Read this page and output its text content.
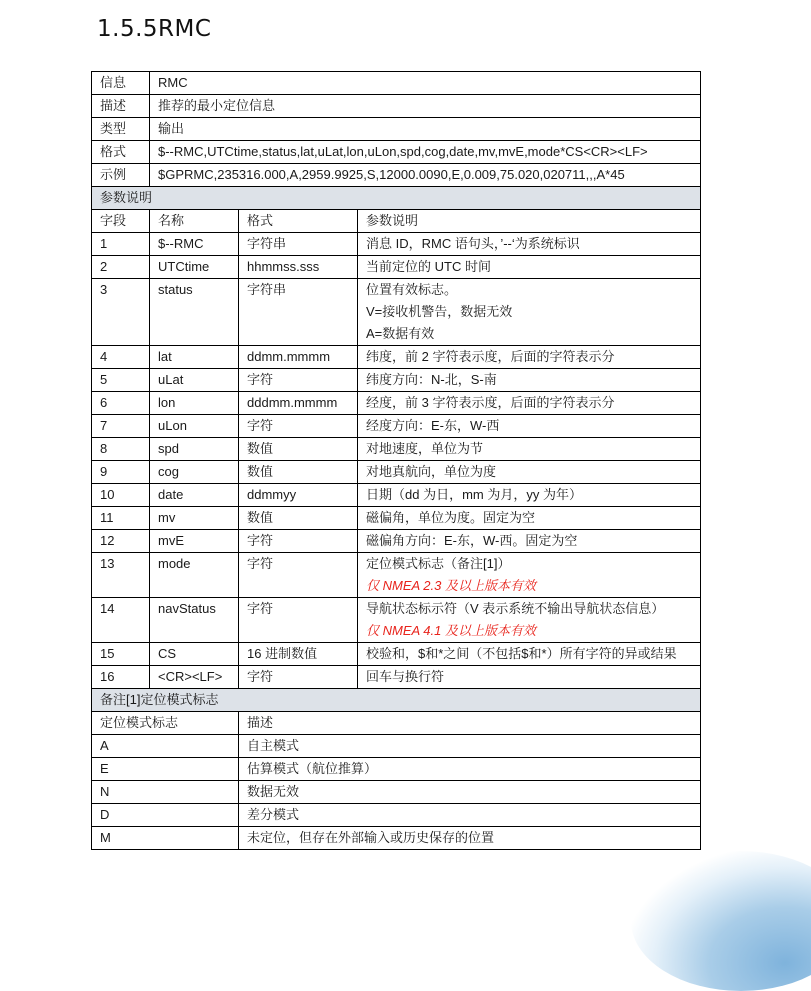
1.5.5RMC
信息	RMC		
描述	推荐的最小定位信息		
类型	输出		
格式	$--RMC,UTCtime,status,lat,uLat,lon,uLon,spd,cog,date,mv,mvE,mode*CS<CR><LF>		
示例	$GPRMC,235316.000,A,2959.9925,S,12000.0090,E,0.009,75.020,020711,,,A*45		
参数说明			
字段	名称	格式	参数说明
1	$--RMC	字符串	消息 ID，RMC 语句头，’--‘为系统标识

2	UTCtime	hhmmss.sss	当前定位的 UTC 时间

3	status	字符串	位置有效标志。
V=接收机警告，数据无效
A=数据有效

4	lat	ddmm.mmmm	纬度，前 2 字符表示度，后面的字符表示分

5	uLat	字符	纬度方向：N-北，S-南

6	lon	dddmm.mmmm	经度，前 3 字符表示度，后面的字符表示分

7	uLon	字符	经度方向：E-东，W-西

8	spd	数值	对地速度，单位为节

9	cog	数值	对地真航向，单位为度

10	date	ddmmyy	日期（dd 为日，mm 为月，yy 为年）

11	mv	数值	磁偏角，单位为度。固定为空

12	mvE	字符	磁偏角方向：E-东，W-西。固定为空

13	mode	字符	定位模式标志（备注[1]）
仅 NMEA 2.3 及以上版本有效

14	navStatus	字符	导航状态标示符（V 表示系统不输出导航状态信息）
仅 NMEA 4.1 及以上版本有效

15	CS	16 进制数值	校验和，$和*之间（不包括$和*）所有字符的异或结果

16	<CR><LF>	字符	回车与换行符

备注[1]定位模式标志			
定位模式标志		描述	
A		自主模式	
E		估算模式（航位推算）	
N		数据无效	
D		差分模式	
M		未定位，但存在外部输入或历史保存的位置	
